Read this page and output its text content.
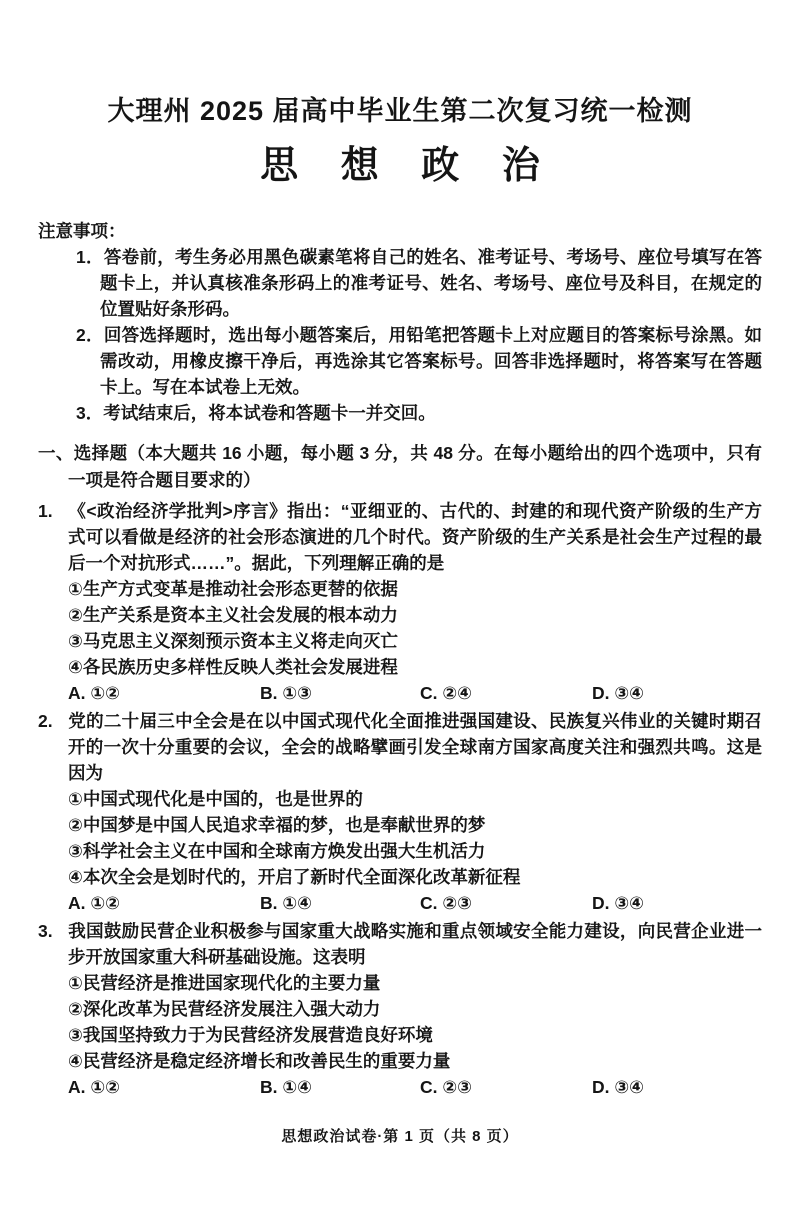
大理州 2025 届高中毕业生第二次复习统一检测
思 想 政 治
注意事项：
1．答卷前，考生务必用黑色碳素笔将自己的姓名、准考证号、考场号、座位号填写在答题卡上，并认真核准条形码上的准考证号、姓名、考场号、座位号及科目，在规定的位置贴好条形码。
2．回答选择题时，选出每小题答案后，用铅笔把答题卡上对应题目的答案标号涂黑。如需改动，用橡皮擦干净后，再选涂其它答案标号。回答非选择题时，将答案写在答题卡上。写在本试卷上无效。
3．考试结束后，将本试卷和答题卡一并交回。
一、选择题（本大题共 16 小题，每小题 3 分，共 48 分。在每小题给出的四个选项中，只有一项是符合题目要求的）
1. 《<政治经济学批判>序言》指出：“亚细亚的、古代的、封建的和现代资产阶级的生产方式可以看做是经济的社会形态演进的几个时代。资产阶级的生产关系是社会生产过程的最后一个对抗形式……”。据此，下列理解正确的是
①生产方式变革是推动社会形态更替的依据
②生产关系是资本主义社会发展的根本动力
③马克思主义深刻预示资本主义将走向灭亡
④各民族历史多样性反映人类社会发展进程
A. ①②	B. ①③	C. ②④	D. ③④
2. 党的二十届三中全会是在以中国式现代化全面推进强国建设、民族复兴伟业的关键时期召开的一次十分重要的会议，全会的战略擘画引发全球南方国家高度关注和强烈共鸣。这是因为
①中国式现代化是中国的，也是世界的
②中国梦是中国人民追求幸福的梦，也是奉献世界的梦
③科学社会主义在中国和全球南方焕发出强大生机活力
④本次全会是划时代的，开启了新时代全面深化改革新征程
A. ①②	B. ①④	C. ②③	D. ③④
3. 我国鼓励民营企业积极参与国家重大战略实施和重点领域安全能力建设，向民营企业进一步开放国家重大科研基础设施。这表明
①民营经济是推进国家现代化的主要力量
②深化改革为民营经济发展注入强大动力
③我国坚持致力于为民营经济发展营造良好环境
④民营经济是稳定经济增长和改善民生的重要力量
A. ①②	B. ①④	C. ②③	D. ③④
思想政治试卷·第 1 页（共 8 页）
